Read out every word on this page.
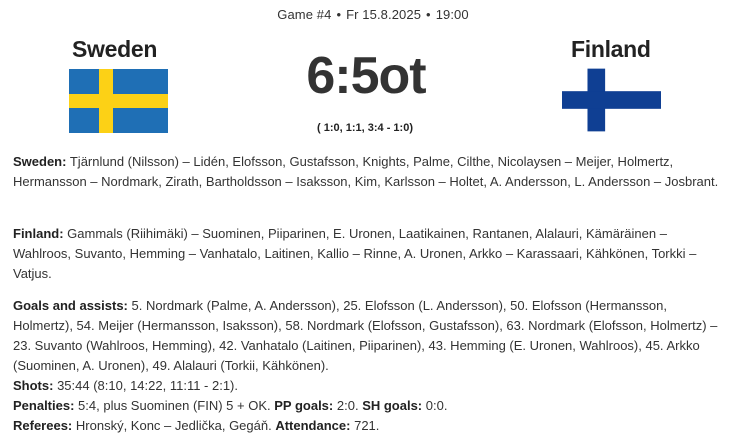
Game #4 • Fr 15.8.2025 • 19:00
Sweden	Finland
6:5ot
( 1:0, 1:1, 3:4 - 1:0)
Sweden: Tjärnlund (Nilsson) – Lidén, Elofsson, Gustafsson, Knights, Palme, Cilthe, Nicolaysen – Meijer, Holmertz, Hermansson – Nordmark, Zirath, Bartholdsson – Isaksson, Kim, Karlsson – Holtet, A. Andersson, L. Andersson – Josbrant.
Finland: Gammals (Riihimäki) – Suominen, Piiparinen, E. Uronen, Laatikainen, Rantanen, Alalauri, Kämäräinen – Wahlroos, Suvanto, Hemming – Vanhatalo, Laitinen, Kallio – Rinne, A. Uronen, Arkko – Karassaari, Kähkönen, Torkki – Vatjus.
Goals and assists: 5. Nordmark (Palme, A. Andersson), 25. Elofsson (L. Andersson), 50. Elofsson (Hermansson, Holmertz), 54. Meijer (Hermansson, Isaksson), 58. Nordmark (Elofsson, Gustafsson), 63. Nordmark (Elofsson, Holmertz) – 23. Suvanto (Wahlroos, Hemming), 42. Vanhatalo (Laitinen, Piiparinen), 43. Hemming (E. Uronen, Wahlroos), 45. Arkko (Suominen, A. Uronen), 49. Alalauri (Torkii, Kähkönen).
Shots: 35:44 (8:10, 14:22, 11:11 - 2:1).
Penalties: 5:4, plus Suominen (FIN) 5 + OK. PP goals: 2:0. SH goals: 0:0.
Referees: Hronský, Konc – Jedlička, Gegáň. Attendance: 721.
